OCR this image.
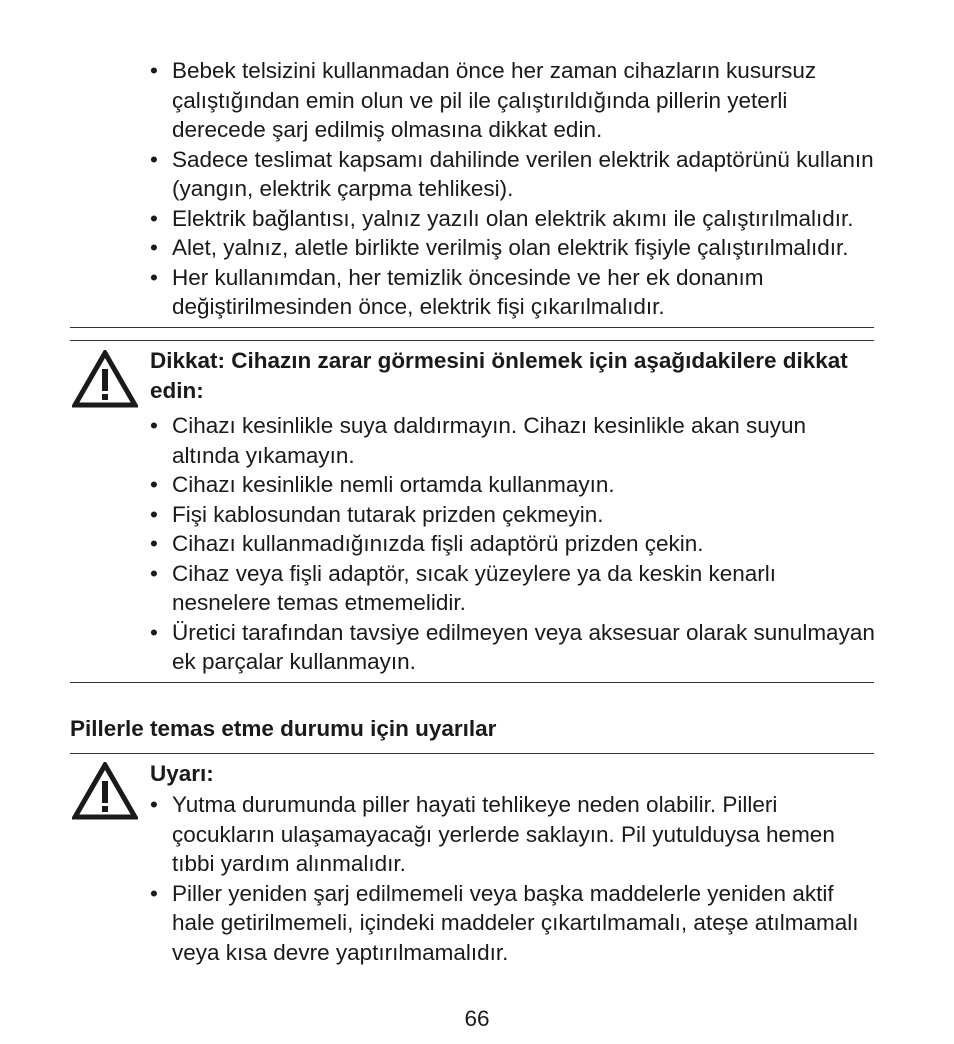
• Bebek telsizini kullanmadan önce her zaman cihazların kusursuz çalıştığından emin olun ve pil ile çalıştırıldığında pillerin yeterli derecede şarj edilmiş olmasına dikkat edin.
• Sadece teslimat kapsamı dahilinde verilen elektrik adaptörünü kullanın (yangın, elektrik çarpma tehlikesi).
• Elektrik bağlantısı, yalnız yazılı olan elektrik akımı ile çalıştırılmalıdır.
• Alet, yalnız, aletle birlikte verilmiş olan elektrik fişiyle çalıştırılmalıdır.
• Her kullanımdan, her temizlik öncesinde ve her ek donanım değiştirilmesinden önce, elektrik fişi çıkarılmalıdır.
Dikkat: Cihazın zarar görmesini önlemek için aşağıdakilere dikkat edin:
• Cihazı kesinlikle suya daldırmayın. Cihazı kesinlikle akan suyun altında yıkamayın.
• Cihazı kesinlikle nemli ortamda kullanmayın.
• Fişi kablosundan tutarak prizden çekmeyin.
• Cihazı kullanmadığınızda fişli adaptörü prizden çekin.
• Cihaz veya fişli adaptör, sıcak yüzeylere ya da keskin kenarlı nesnelere temas etmemelidir.
• Üretici tarafından tavsiye edilmeyen veya aksesuar olarak sunulmayan ek parçalar kullanmayın.
Pillerle temas etme durumu için uyarılar
Uyarı:
• Yutma durumunda piller hayati tehlikeye neden olabilir. Pilleri çocukların ulaşamayacağı yerlerde saklayın. Pil yutulduysa hemen tıbbi yardım alınmalıdır.
• Piller yeniden şarj edilmemeli veya başka maddelerle yeniden aktif hale getirilmemeli, içindeki maddeler çıkartılmamalı, ateşe atılmamalı veya kısa devre yaptırılmamalıdır.
66
